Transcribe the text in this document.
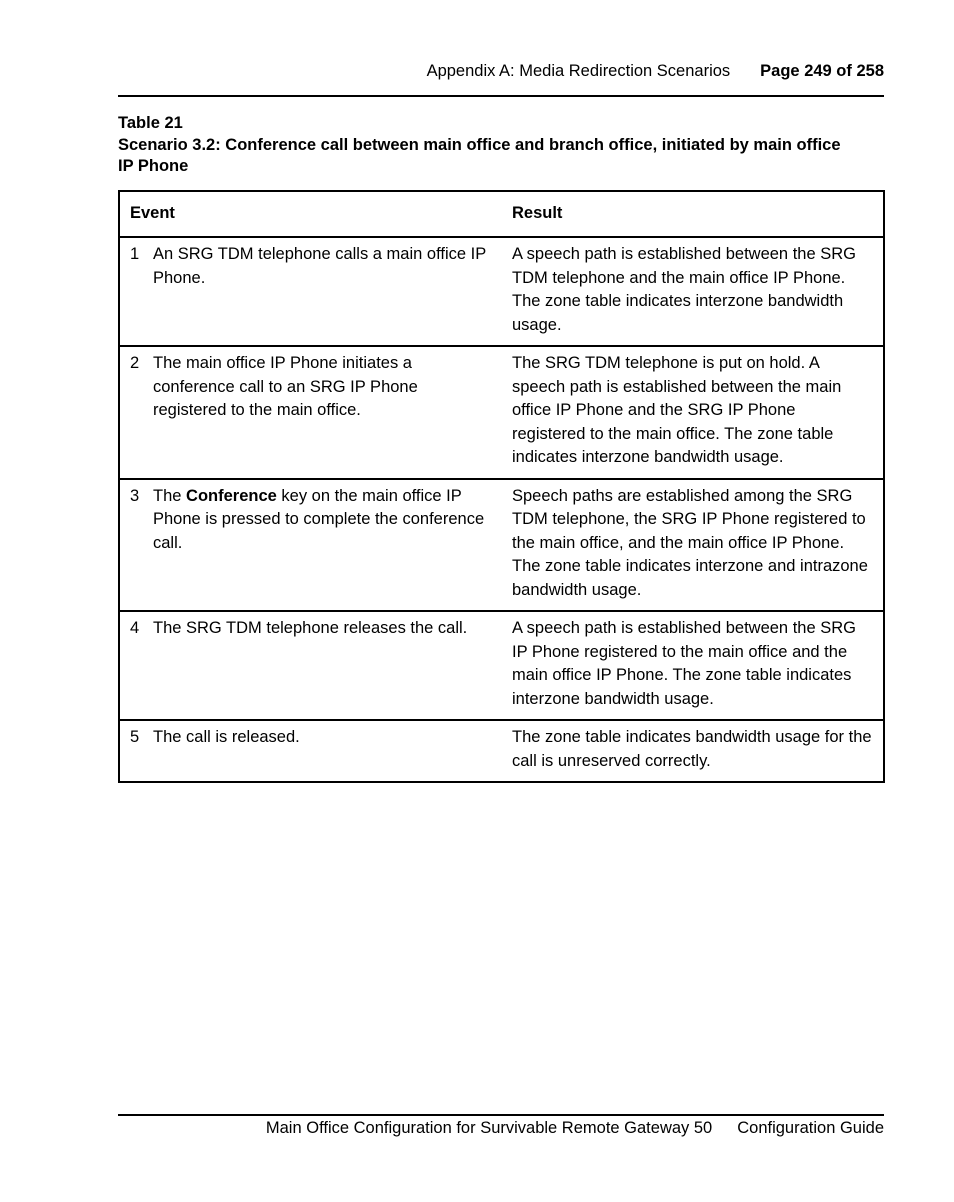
Appendix A: Media Redirection Scenarios Page 249 of 258
Table 21
Scenario 3.2: Conference call between main office and branch office, initiated by main office IP Phone
Event	Result

1 An SRG TDM telephone calls a main office IP Phone.	A speech path is established between the SRG TDM telephone and the main office IP Phone. The zone table indicates interzone bandwidth usage.

2 The main office IP Phone initiates a conference call to an SRG IP Phone registered to the main office.	The SRG TDM telephone is put on hold. A speech path is established between the main office IP Phone and the SRG IP Phone registered to the main office. The zone table indicates interzone bandwidth usage.

3 The Conference key on the main office IP Phone is pressed to complete the conference call.	Speech paths are established among the SRG TDM telephone, the SRG IP Phone registered to the main office, and the main office IP Phone. The zone table indicates interzone and intrazone bandwidth usage.

4 The SRG TDM telephone releases the call.	A speech path is established between the SRG IP Phone registered to the main office and the main office IP Phone. The zone table indicates interzone bandwidth usage.

5 The call is released.	The zone table indicates bandwidth usage for the call is unreserved correctly.
Main Office Configuration for Survivable Remote Gateway 50 Configuration Guide
